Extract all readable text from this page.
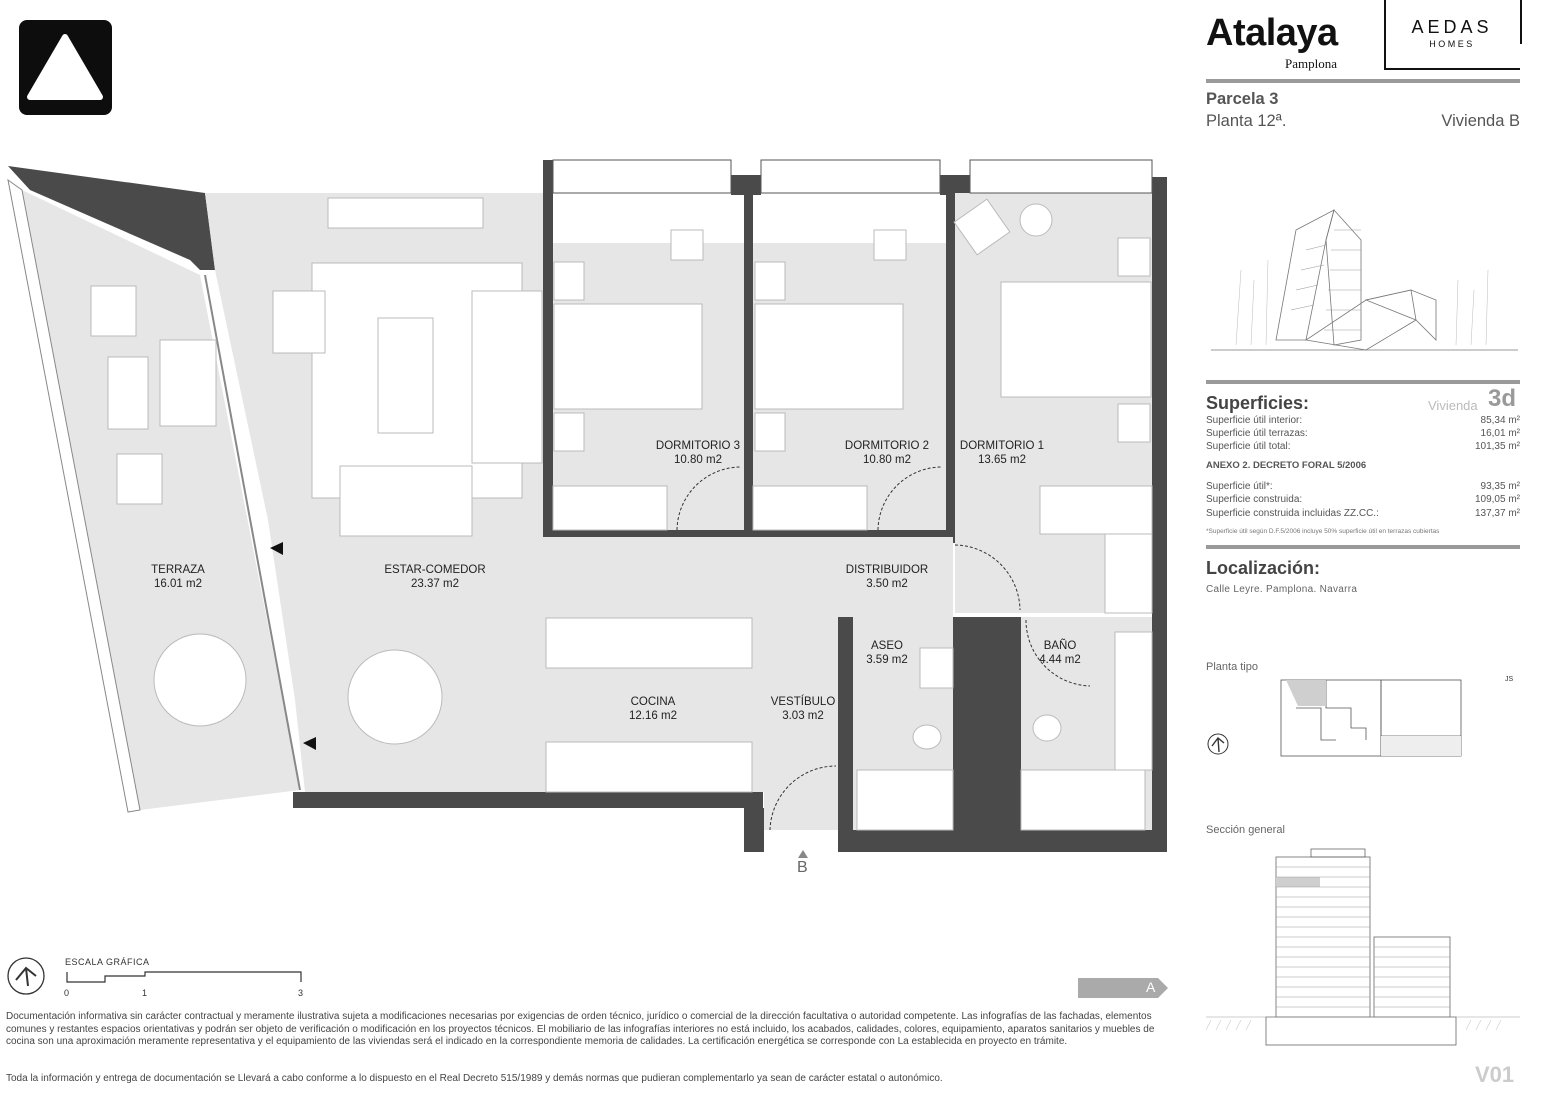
TERRAZA
16.01 m2
ESTAR-COMEDOR
23.37 m2
DORMITORIO 3
10.80 m2
DORMITORIO 2
10.80 m2
DORMITORIO 1
13.65 m2
DISTRIBUIDOR
3.50 m2
ASEO
3.59 m2
BAÑO
4.44 m2
COCINA
12.16 m2
VESTÍBULO
3.03 m2
B
A
ESCALA GRÁFICA
0	1	3
Documentación informativa sin carácter contractual y meramente ilustrativa sujeta a modificaciones necesarias por exigencias de orden técnico, jurídico o comercial de la dirección facultativa o autoridad competente. Las infografías de las fachadas, elementos comunes y restantes espacios orientativas y podrán ser objeto de verificación o modificación en los proyectos técnicos. El mobiliario de las infografías interiores no está incluido, los acabados, calidades, colores, equipamiento, aparatos sanitarios y muebles de cocina son una aproximación meramente representativa y el equipamiento de las viviendas será el indicado en la correspondiente memoria de calidades. La certificación energética se corresponde con La establecida en proyecto en trámite.
Toda la información y entrega de documentación se Llevará a cabo conforme a lo dispuesto en el Real Decreto 515/1989 y demás normas que pudieran complementarlo ya sean de carácter estatal o autonómico.
Atalaya
Pamplona
AEDAS
HOMES
Parcela 3
Planta 12ª.	Vivienda B
Superficies:	Vivienda 3d
Superficie útil interior:	85,34 m²
Superficie útil terrazas:	16,01 m²
Superficie útil total:	101,35 m²
ANEXO 2. DECRETO FORAL 5/2006
Superficie útil*:	93,35 m²
Superficie construida:	109,05 m²
Superficie construida incluidas ZZ.CC.:	137,37 m²
*Superficie útil según D.F.5/2006 incluye 50% superficie útil en terrazas cubiertas
Localización:
Calle Leyre. Pamplona. Navarra
Planta tipo
JS
Sección general
V01
